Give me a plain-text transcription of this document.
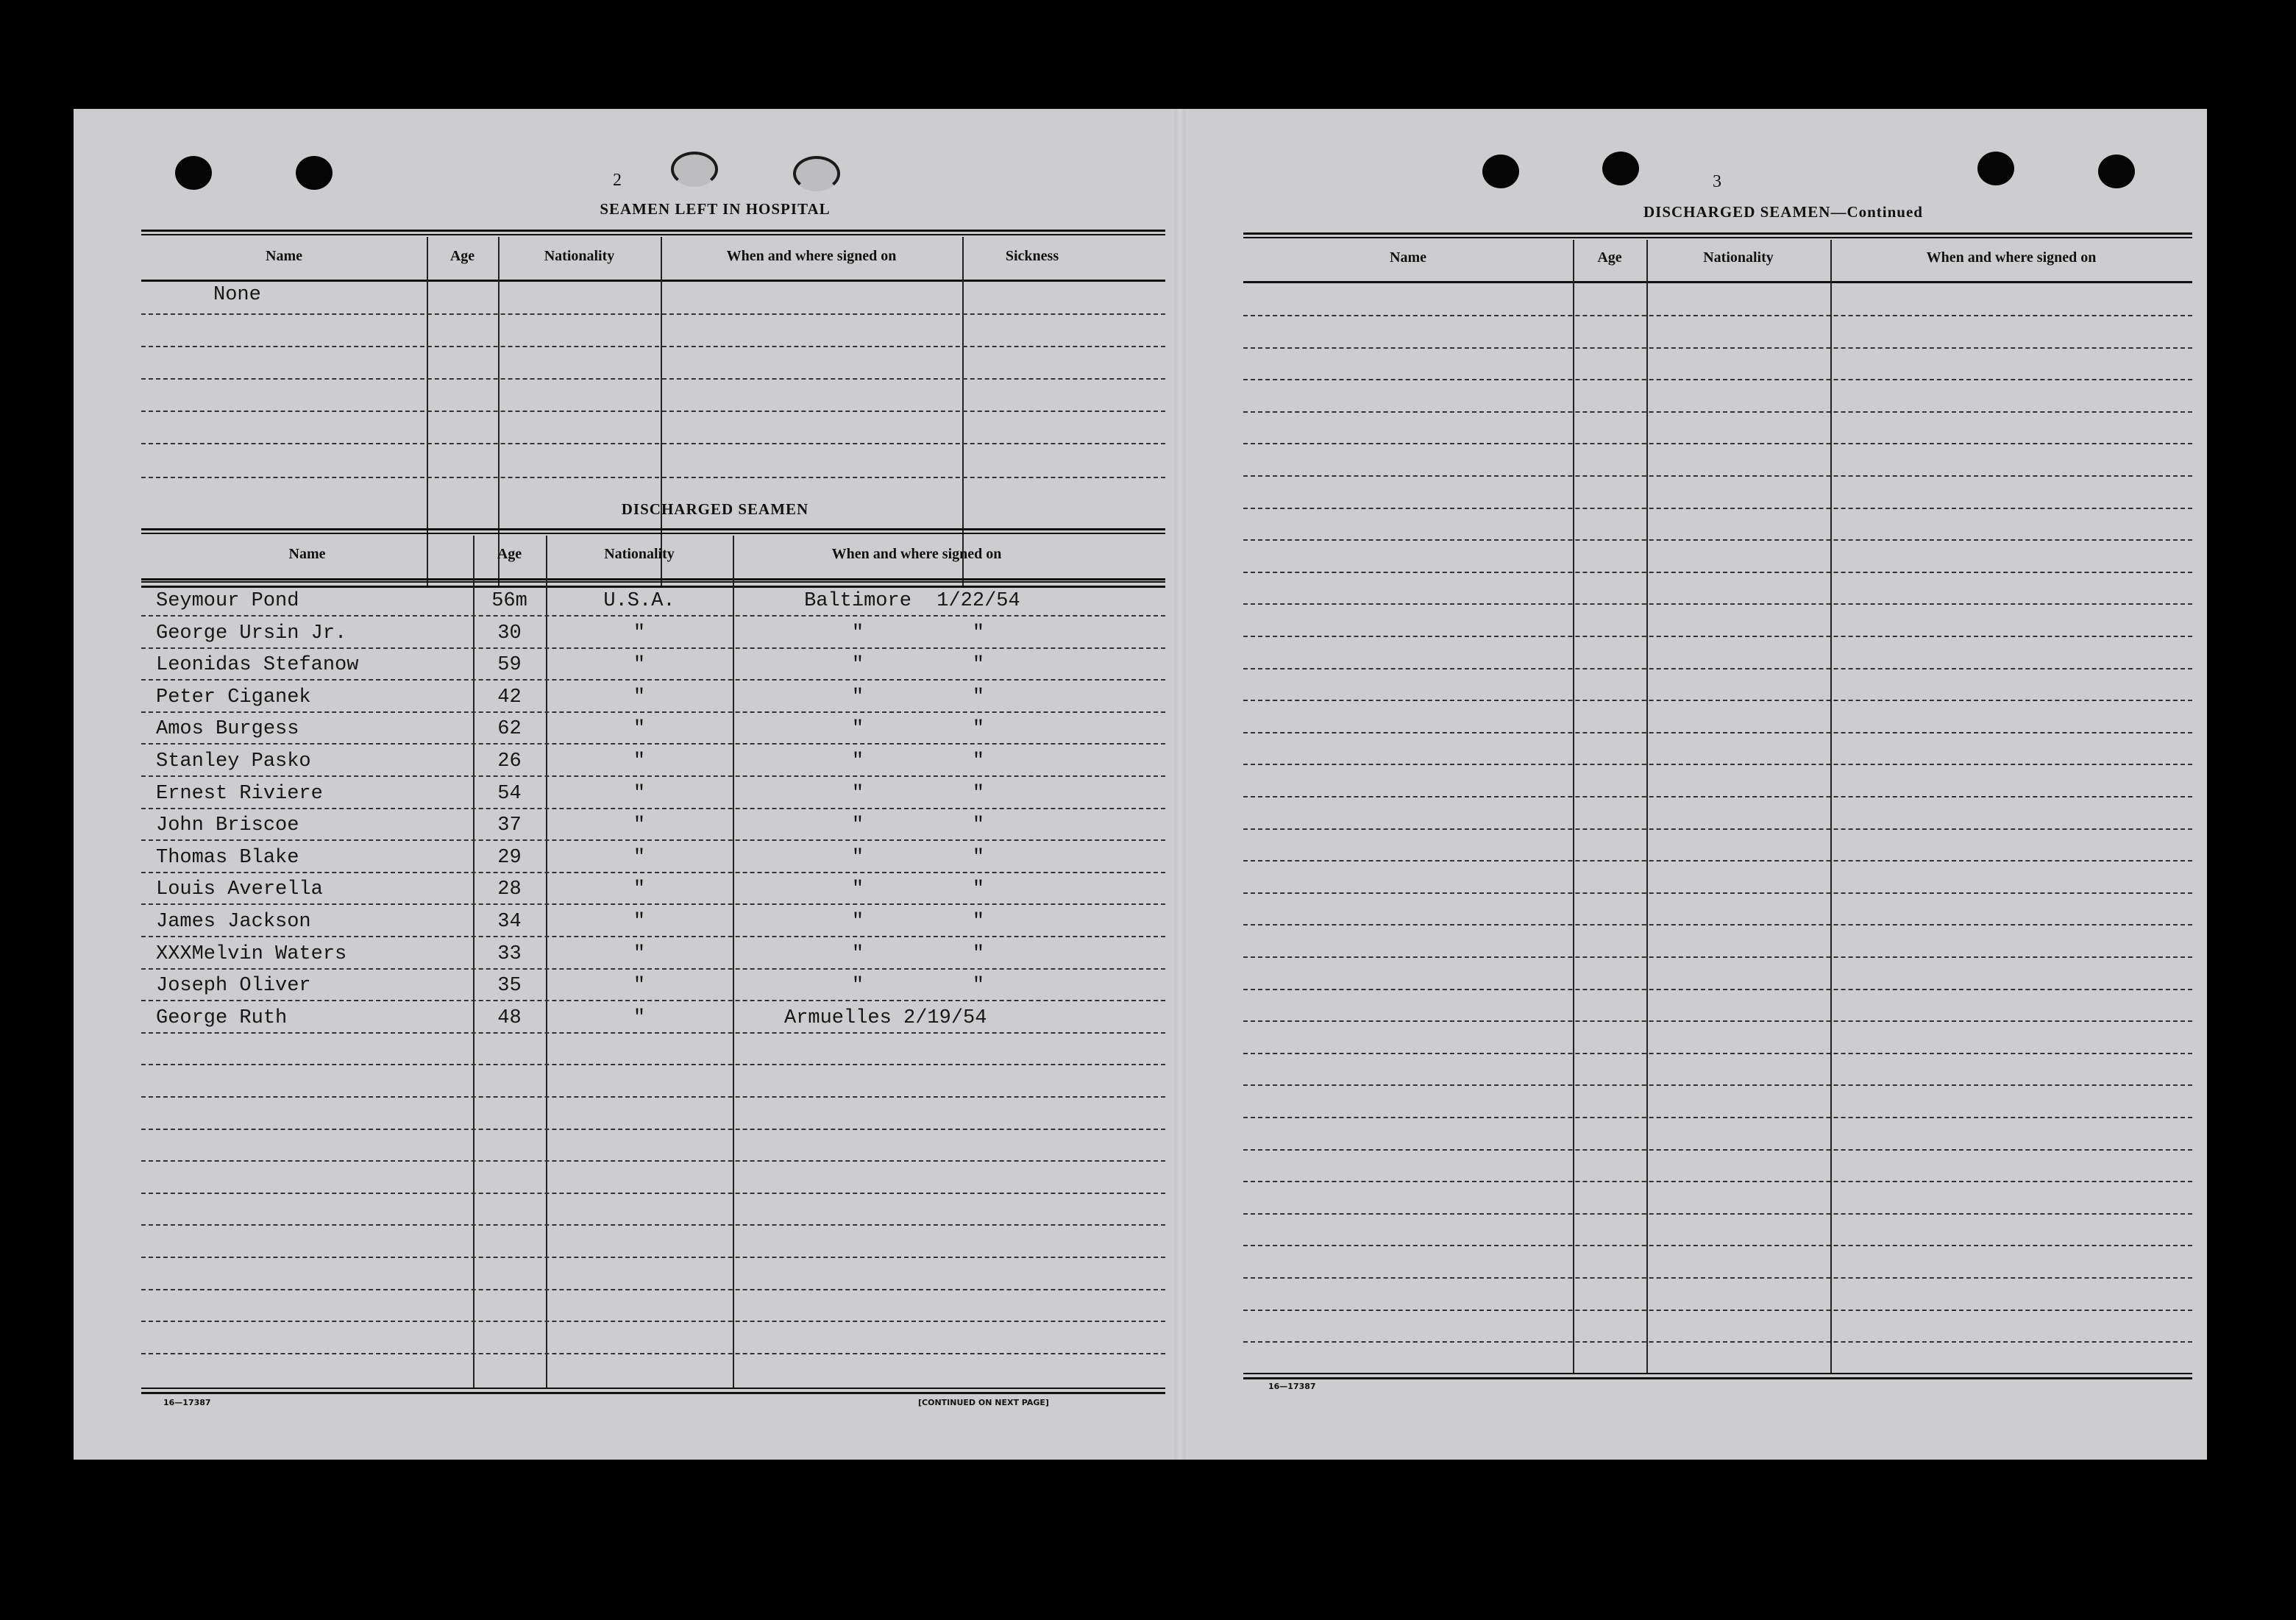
2
SEAMEN LEFT IN HOSPITAL
Name	Age	Nationality	When and where signed on	Sickness
None
DISCHARGED SEAMEN
Name	Age	Nationality	When and where signed on
Seymour Pond	56m	U.S.A.	Baltimore	1/22/54
George Ursin Jr.	30	"	"	"
Leonidas Stefanow	59	"	"	"
Peter Ciganek	42	"	"	"
Amos Burgess	62	"	"	"
Stanley Pasko	26	"	"	"
Ernest Riviere	54	"	"	"
John Briscoe	37	"	"	"
Thomas Blake	29	"	"	"
Louis Averella	28	"	"	"
James Jackson	34	"	"	"
XXXMelvin Waters	33	"	"	"
Joseph Oliver	35	"	"	"
George Ruth	48	"	Armuelles 2/19/54
16—17387	[CONTINUED ON NEXT PAGE]
3
DISCHARGED SEAMEN—Continued
Name	Age	Nationality	When and where signed on
16—17387
